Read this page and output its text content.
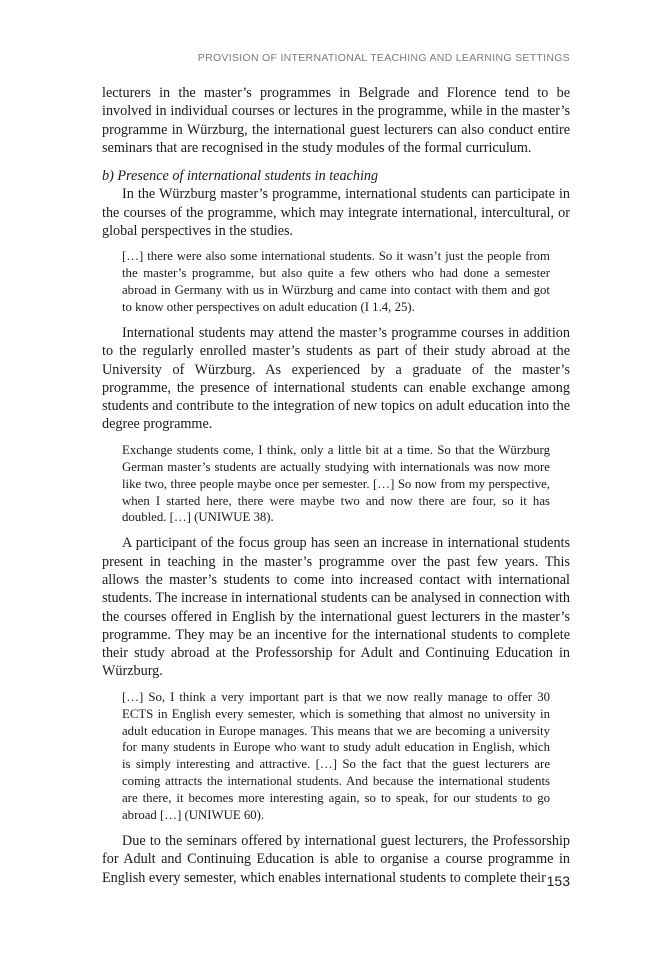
PROVISION OF INTERNATIONAL TEACHING AND LEARNING SETTINGS

lecturers in the master’s programmes in Belgrade and Florence tend to be involved in individual courses or lectures in the programme, while in the master’s programme in Würzburg, the international guest lecturers can also conduct entire seminars that are recognised in the study modules of the formal curriculum.

b) Presence of international students in teaching

In the Würzburg master’s programme, international students can participate in the courses of the programme, which may integrate international, intercultural, or global perspectives in the studies.

[…] there were also some international students. So it wasn’t just the people from the master’s programme, but also quite a few others who had done a semester abroad in Germany with us in Würzburg and came into contact with them and got to know other perspectives on adult education (I 1.4, 25).

International students may attend the master’s programme courses in addition to the regularly enrolled master’s students as part of their study abroad at the University of Würzburg. As experienced by a graduate of the master’s programme, the presence of international students can enable exchange among students and contribute to the integration of new topics on adult education into the degree programme.

Exchange students come, I think, only a little bit at a time. So that the Würzburg German master’s students are actually studying with internationals was now more like two, three people maybe once per semester. […] So now from my perspective, when I started here, there were maybe two and now there are four, so it has doubled. […] (UNIWUE 38).

A participant of the focus group has seen an increase in international students present in teaching in the master’s programme over the past few years. This allows the master’s students to come into increased contact with international students. The increase in international students can be analysed in connection with the courses offered in English by the international guest lecturers in the master’s programme. They may be an incentive for the international students to complete their study abroad at the Professorship for Adult and Continuing Education in Würzburg.

[…] So, I think a very important part is that we now really manage to offer 30 ECTS in English every semester, which is something that almost no university in adult education in Europe manages. This means that we are becoming a university for many students in Europe who want to study adult education in English, which is simply interesting and attractive. […] So the fact that the guest lecturers are coming attracts the international students. And because the international students are there, it becomes more interesting again, so to speak, for our students to go abroad […] (UNIWUE 60).

Due to the seminars offered by international guest lecturers, the Professorship for Adult and Continuing Education is able to organise a course programme in English every semester, which enables international students to complete their 153
